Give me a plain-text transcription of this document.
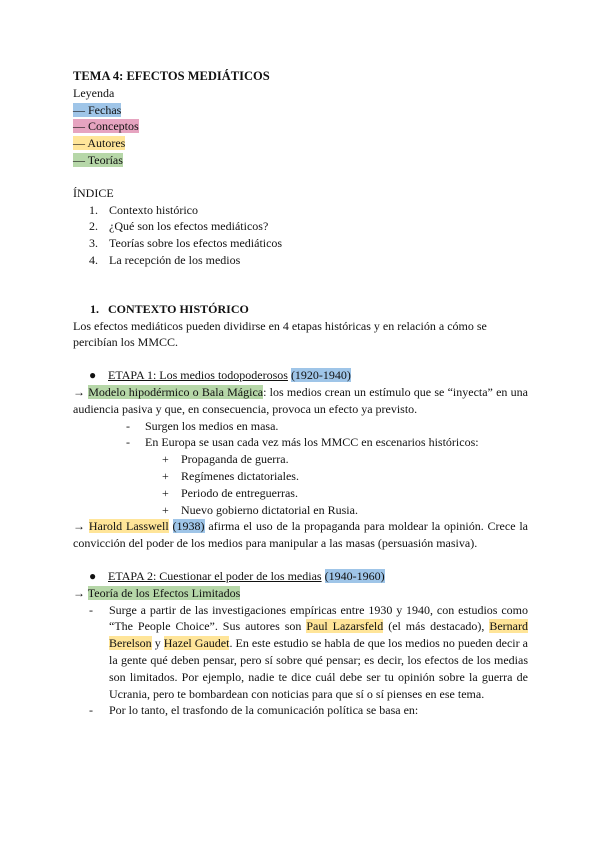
TEMA 4: EFECTOS MEDIÁTICOS
Leyenda
— Fechas
— Conceptos
— Autores
— Teorías
ÍNDICE
1. Contexto histórico
2. ¿Qué son los efectos mediáticos?
3. Teorías sobre los efectos mediáticos
4. La recepción de los medios
1. CONTEXTO HISTÓRICO
Los efectos mediáticos pueden dividirse en 4 etapas históricas y en relación a cómo se percibían los MMCC.
● ETAPA 1: Los medios todopoderosos (1920-1940)
→ Modelo hipodérmico o Bala Mágica: los medios crean un estímulo que se “inyecta” en una audiencia pasiva y que, en consecuencia, provoca un efecto ya previsto.
- Surgen los medios en masa.
- En Europa se usan cada vez más los MMCC en escenarios históricos:
+ Propaganda de guerra.
+ Regímenes dictatoriales.
+ Periodo de entreguerras.
+ Nuevo gobierno dictatorial en Rusia.
→ Harold Lasswell (1938) afirma el uso de la propaganda para moldear la opinión. Crece la convicción del poder de los medios para manipular a las masas (persuasión masiva).
● ETAPA 2: Cuestionar el poder de los medias (1940-1960)
→ Teoría de los Efectos Limitados
- Surge a partir de las investigaciones empíricas entre 1930 y 1940, con estudios como “The People Choice”. Sus autores son Paul Lazarsfeld (el más destacado), Bernard Berelson y Hazel Gaudet. En este estudio se habla de que los medios no pueden decir a la gente qué deben pensar, pero sí sobre qué pensar; es decir, los efectos de los medias son limitados. Por ejemplo, nadie te dice cuál debe ser tu opinión sobre la guerra de Ucrania, pero te bombardean con noticias para que sí o sí pienses en ese tema.
- Por lo tanto, el trasfondo de la comunicación política se basa en:
